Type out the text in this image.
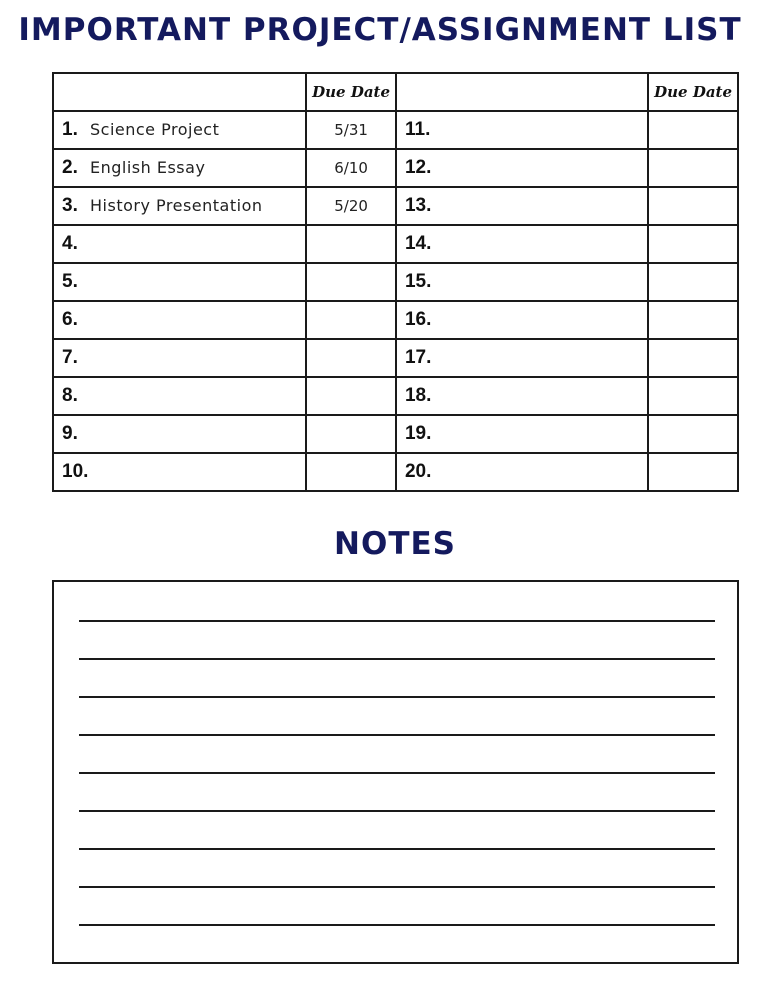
IMPORTANT PROJECT/ASSIGNMENT LIST
	Due Date		Due Date
1. Science Project	5/31	11.	
2. English Essay	6/10	12.	
3. History Presentation	5/20	13.	
4.		14.	
5.		15.	
6.		16.	
7.		17.	
8.		18.	
9.		19.	
10.		20.	
NOTES
